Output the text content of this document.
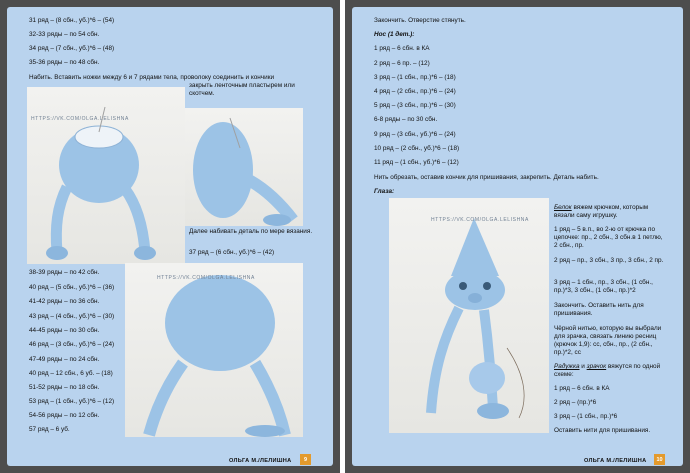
31 ряд – (8 сбн., уб.)*6 – (54)
32-33 ряды – по 54 сбн.
34 ряд – (7 сбн., уб.)*6 – (48)
35-36 ряды – по 48 сбн.
Набить. Вставить ножки между 6 и 7 рядами тела, проволоку соединить и кончики
HTTPS://VK.COM/OLGA.LELISHNA
закрыть ленточным пластырем или скотчем.
Далее набивать деталь по мере вязания.
37 ряд – (6 сбн., уб.)*6 – (42)
HTTPS://VK.COM/OLGA.LELISHNA
38-39 ряды – по 42 сбн.
40 ряд – (5 сбн., уб.)*6 – (36)
41-42 ряды – по 36 сбн.
43 ряд – (4 сбн., уб.)*6 – (30)
44-45 ряды – по 30 сбн.
46 ряд – (3 сбн., уб.)*6 – (24)
47-49 ряды – по 24 сбн.
40 ряд – 12 сбн., 6 уб. – (18)
51-52 ряды – по 18 сбн.
53 ряд – (1 сбн., уб.)*6 – (12)
54-56 ряды – по 12 сбн.
57 ряд – 6 уб.
ОЛЬГА М./ЛЕЛИШНА	9
Закончить. Отверстие стянуть.
Нос (1 дет.):
1 ряд – 6 сбн. в КА
2 ряд – 6 пр. – (12)
3 ряд – (1 сбн., пр.)*6 – (18)
4 ряд – (2 сбн., пр.)*6 – (24)
5 ряд – (3 сбн., пр.)*6 – (30)
6-8 ряды – по 30 сбн.
9 ряд – (3 сбн., уб.)*6 – (24)
10 ряд – (2 сбн., уб.)*6 – (18)
11 ряд – (1 сбн., уб.)*6 – (12)
Нить обрезать, оставив кончик для пришивания, закрепить. Деталь набить.
Глаза:
HTTPS://VK.COM/OLGA.LELISHNA
Белок вяжем крючком, которым вязали саму игрушку.
1 ряд – 5 в.п., во 2-ю от крючка по цепочке: пр., 2 сбн., 3 сбн.в 1 петлю, 2 сбн., пр.
2 ряд – пр., 3 сбн., 3 пр., 3 сбн., 2 пр.
3 ряд – 1 сбн., пр., 3 сбн., (1 сбн., пр.)*3, 3 сбн., (1 сбн., пр.)*2
Закончить. Оставить нить для пришивания.
Чёрной нитью, которую вы выбрали для зрачка, связать линию ресниц (крючок 1,9): сс, сбн., пр., (2 сбн., пр.)*2, сс
Радужка и зрачок вяжутся по одной схеме:
1 ряд – 6 сбн. в КА
2 ряд – (пр.)*6
3 ряд – (1 сбн., пр.)*6
Оставить нити для пришивания.
ОЛЬГА М./ЛЕЛИШНА	10
